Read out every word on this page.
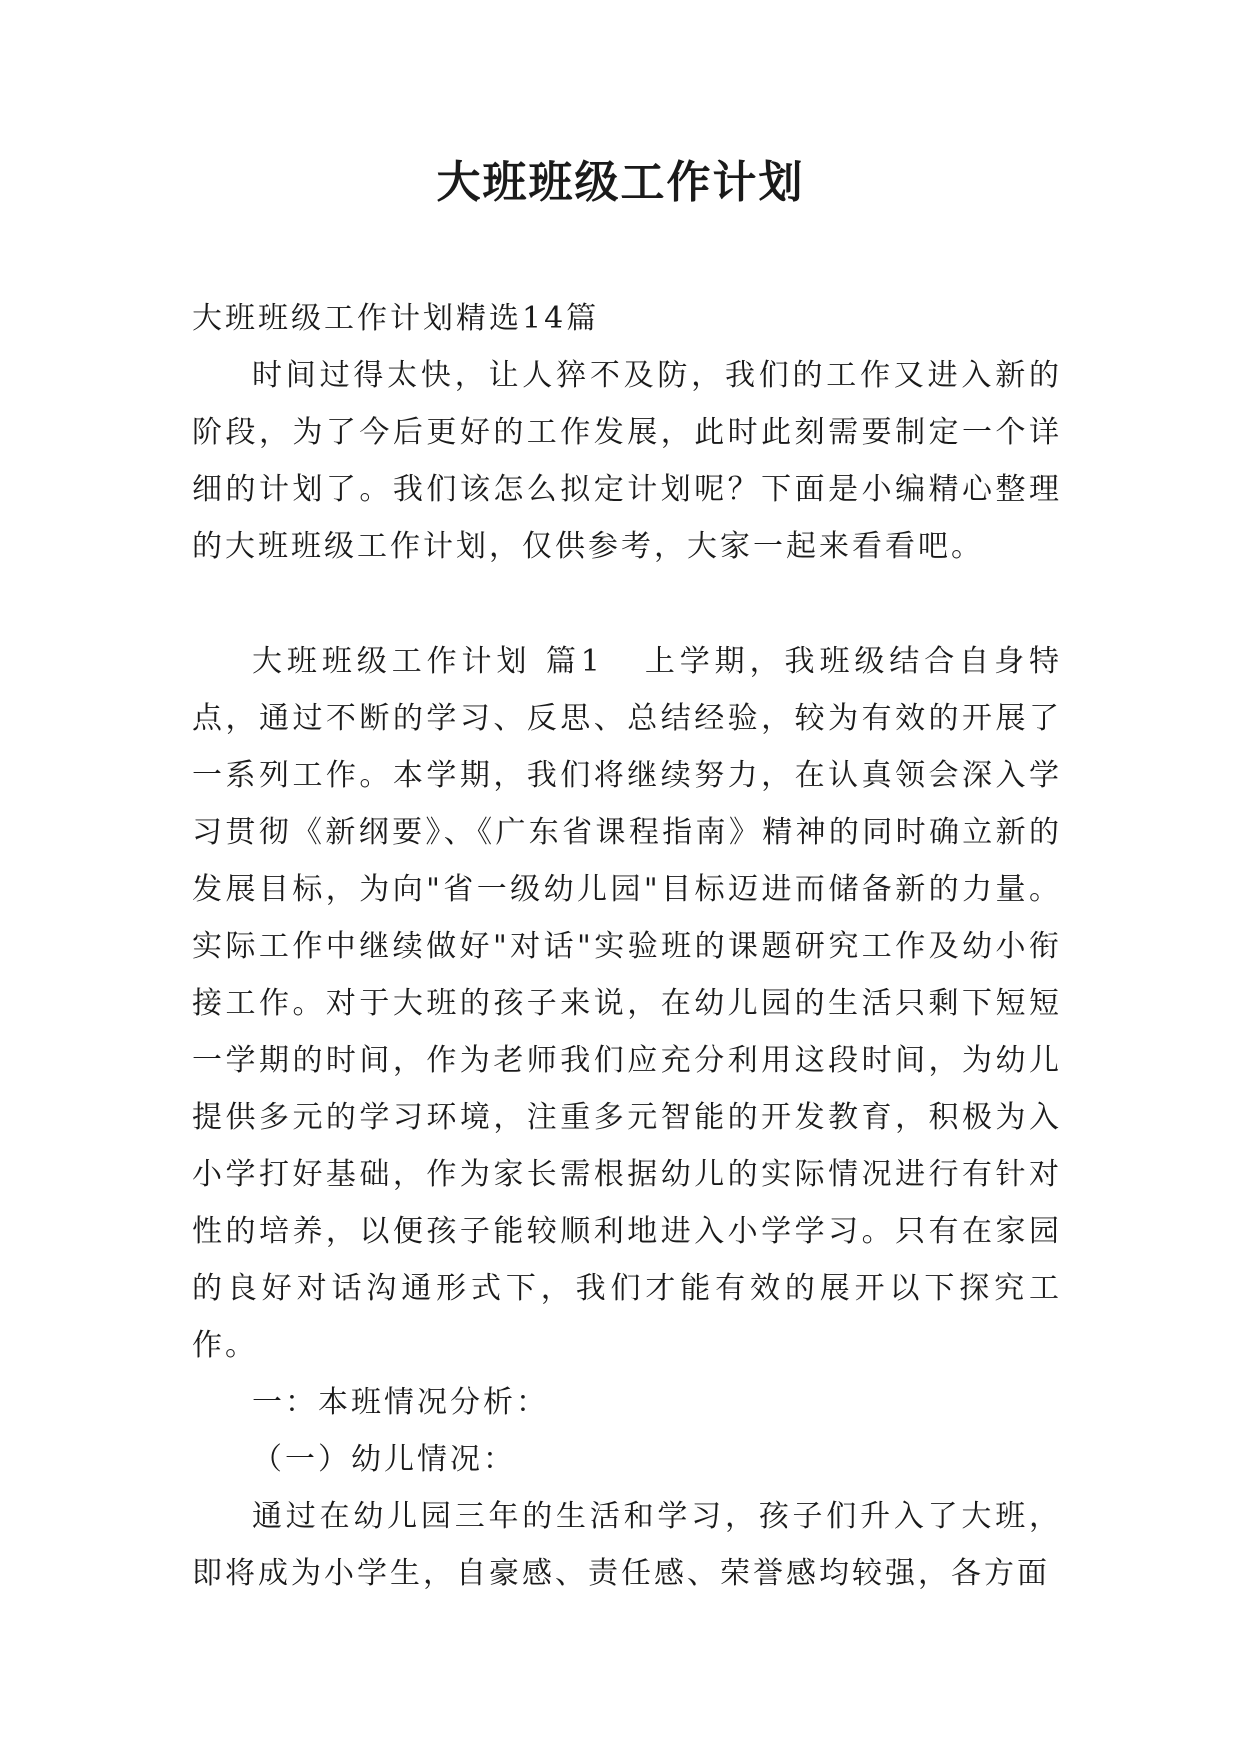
大班班级工作计划
大班班级工作计划精选14篇

时间过得太快，让人猝不及防，我们的工作又进入新的阶段，为了今后更好的工作发展，此时此刻需要制定一个详细的计划了。我们该怎么拟定计划呢？下面是小编精心整理的大班班级工作计划，仅供参考，大家一起来看看吧。

大班班级工作计划 篇1 上学期，我班级结合自身特点，通过不断的学习、反思、总结经验，较为有效的开展了一系列工作。本学期，我们将继续努力，在认真领会深入学习贯彻《新纲要》、《广东省课程指南》精神的同时确立新的发展目标，为向"省一级幼儿园"目标迈进而储备新的力量。实际工作中继续做好"对话"实验班的课题研究工作及幼小衔接工作。对于大班的孩子来说，在幼儿园的生活只剩下短短一学期的时间，作为老师我们应充分利用这段时间，为幼儿提供多元的学习环境，注重多元智能的开发教育，积极为入小学打好基础，作为家长需根据幼儿的实际情况进行有针对性的培养，以便孩子能较顺利地进入小学学习。只有在家园的良好对话沟通形式下，我们才能有效的展开以下探究工作。

一：本班情况分析：

（一）幼儿情况：

通过在幼儿园三年的生活和学习，孩子们升入了大班，即将成为小学生，自豪感、责任感、荣誉感均较强，各方面
